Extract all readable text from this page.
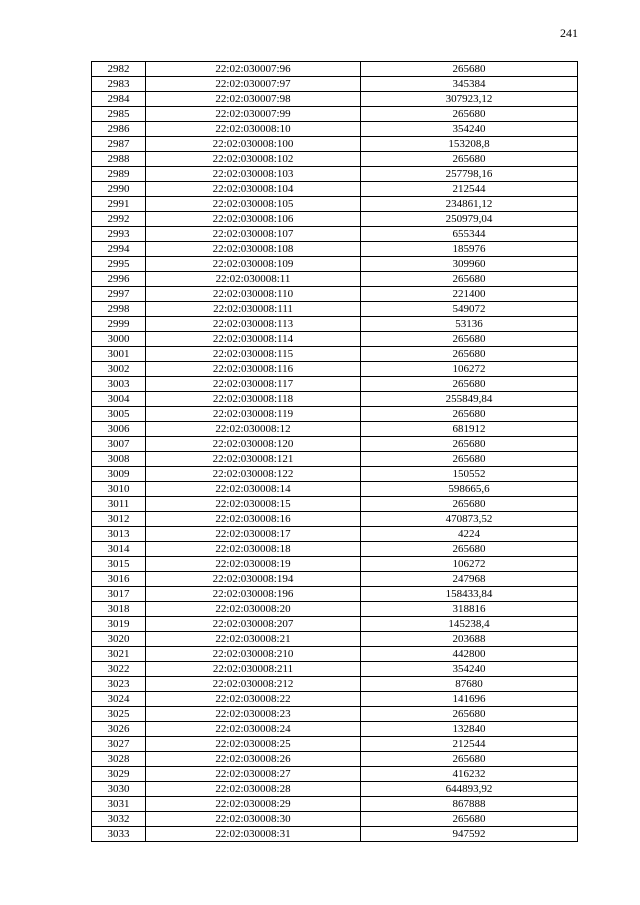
241
2982	22:02:030007:96	265680
2983	22:02:030007:97	345384
2984	22:02:030007:98	307923,12
2985	22:02:030007:99	265680
2986	22:02:030008:10	354240
2987	22:02:030008:100	153208,8
2988	22:02:030008:102	265680
2989	22:02:030008:103	257798,16
2990	22:02:030008:104	212544
2991	22:02:030008:105	234861,12
2992	22:02:030008:106	250979,04
2993	22:02:030008:107	655344
2994	22:02:030008:108	185976
2995	22:02:030008:109	309960
2996	22:02:030008:11	265680
2997	22:02:030008:110	221400
2998	22:02:030008:111	549072
2999	22:02:030008:113	53136
3000	22:02:030008:114	265680
3001	22:02:030008:115	265680
3002	22:02:030008:116	106272
3003	22:02:030008:117	265680
3004	22:02:030008:118	255849,84
3005	22:02:030008:119	265680
3006	22:02:030008:12	681912
3007	22:02:030008:120	265680
3008	22:02:030008:121	265680
3009	22:02:030008:122	150552
3010	22:02:030008:14	598665,6
3011	22:02:030008:15	265680
3012	22:02:030008:16	470873,52
3013	22:02:030008:17	4224
3014	22:02:030008:18	265680
3015	22:02:030008:19	106272
3016	22:02:030008:194	247968
3017	22:02:030008:196	158433,84
3018	22:02:030008:20	318816
3019	22:02:030008:207	145238,4
3020	22:02:030008:21	203688
3021	22:02:030008:210	442800
3022	22:02:030008:211	354240
3023	22:02:030008:212	87680
3024	22:02:030008:22	141696
3025	22:02:030008:23	265680
3026	22:02:030008:24	132840
3027	22:02:030008:25	212544
3028	22:02:030008:26	265680
3029	22:02:030008:27	416232
3030	22:02:030008:28	644893,92
3031	22:02:030008:29	867888
3032	22:02:030008:30	265680
3033	22:02:030008:31	947592
